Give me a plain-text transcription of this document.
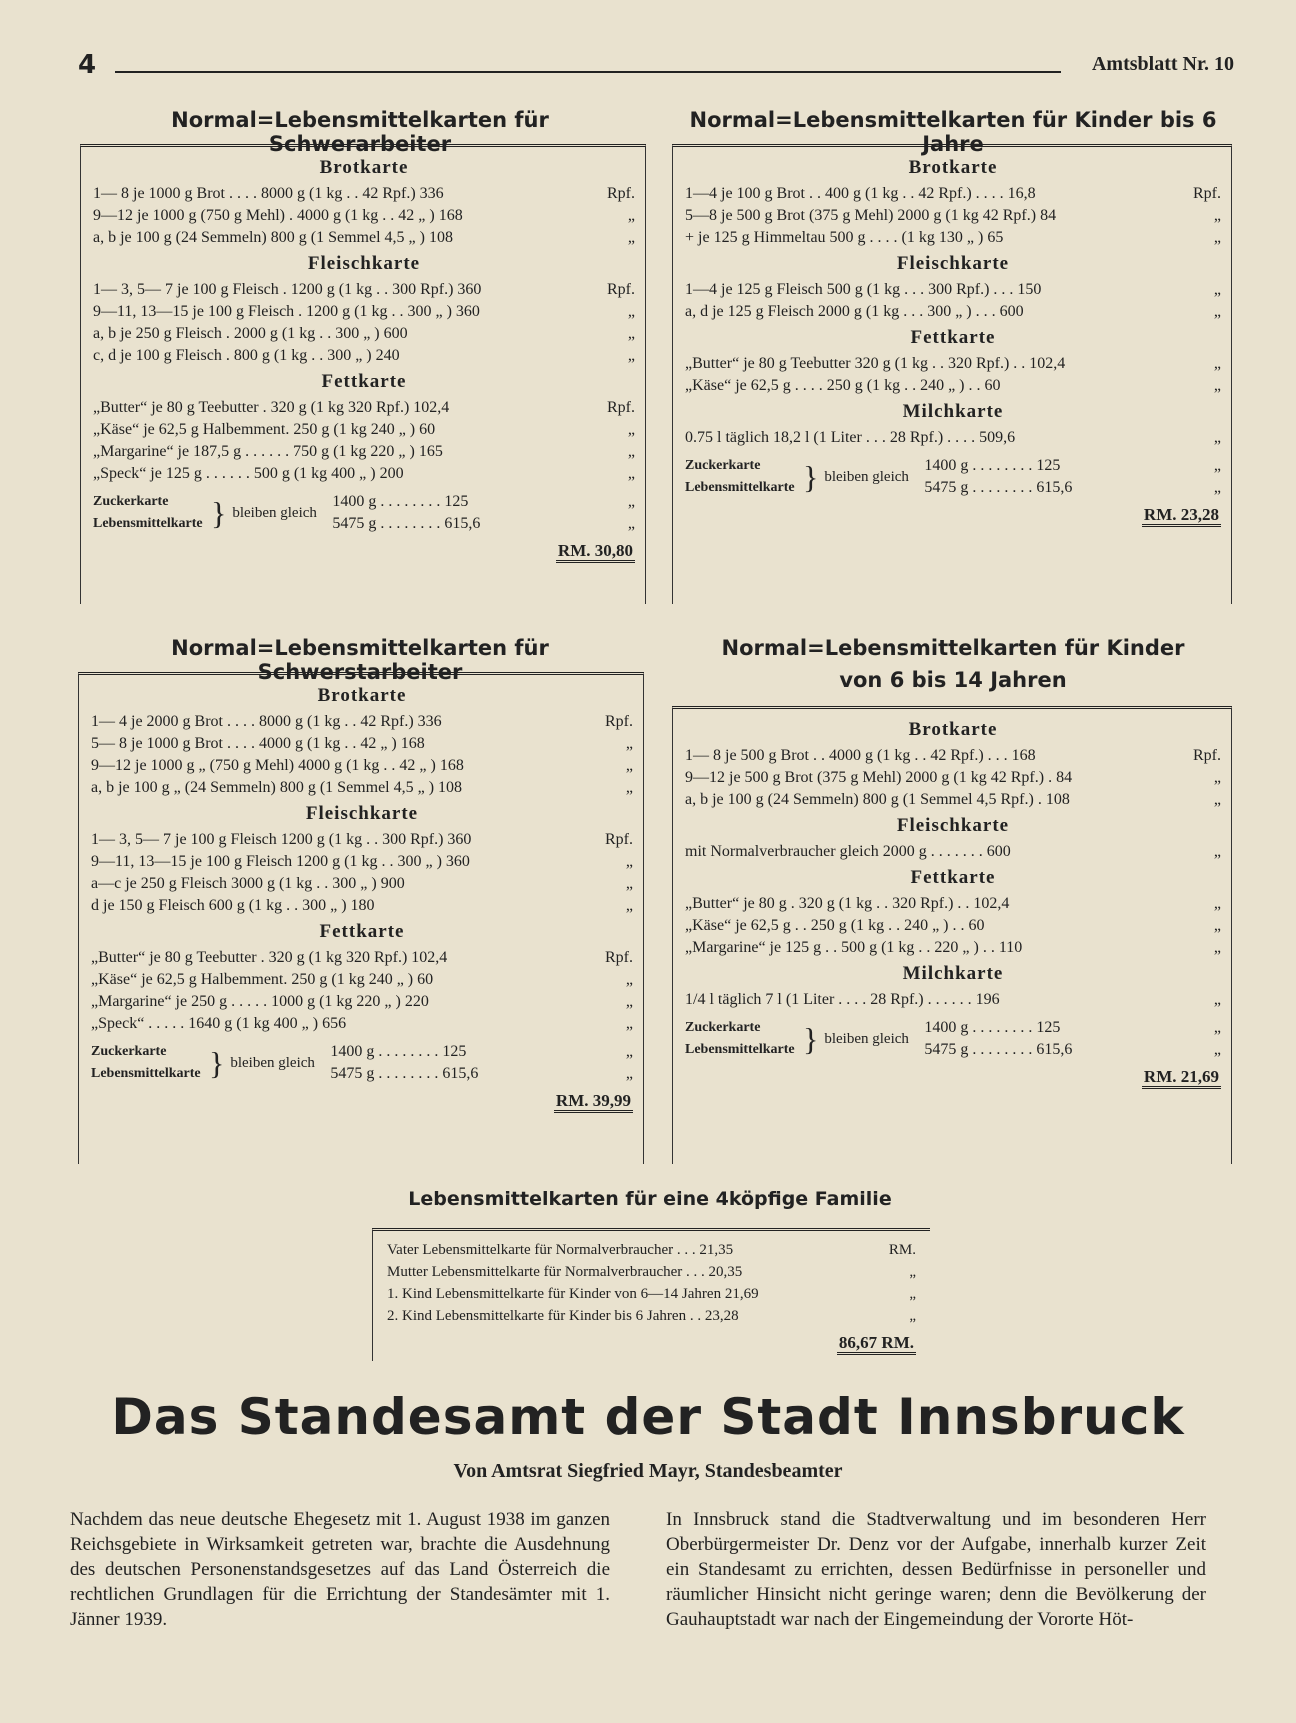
4	Amtsblatt Nr. 10
Normal=Lebensmittelkarten für Schwerarbeiter
Brotkarte
1— 8 je 1000 g Brot . . . . 8000 g (1 kg . . 42 Rpf.) 336	Rpf.
9—12 je 1000 g (750 g Mehl) . 4000 g (1 kg . . 42 „ ) 168	„
a, b je 100 g (24 Semmeln) 800 g (1 Semmel 4,5 „ ) 108	„
Fleischkarte
1— 3, 5— 7 je 100 g Fleisch . 1200 g (1 kg . . 300 Rpf.) 360	Rpf.
9—11, 13—15 je 100 g Fleisch . 1200 g (1 kg . . 300 „ ) 360	„
a, b je 250 g Fleisch . 2000 g (1 kg . . 300 „ ) 600	„
c, d je 100 g Fleisch . 800 g (1 kg . . 300 „ ) 240	„
Fettkarte
„Butter“ je 80 g Teebutter . 320 g (1 kg 320 Rpf.) 102,4	Rpf.
„Käse“ je 62,5 g Halbemment. 250 g (1 kg 240 „ ) 60	„
„Margarine“ je 187,5 g . . . . . . 750 g (1 kg 220 „ ) 165	„
„Speck“ je 125 g . . . . . . 500 g (1 kg 400 „ ) 200	„
Zuckerkarte
Lebensmittelkarte } bleiben gleich
1400 g . . . . . . . . 125	„
5475 g . . . . . . . . 615,6	„
RM. 30,80
Normal=Lebensmittelkarten für Kinder bis 6 Jahre
Brotkarte
1—4 je 100 g Brot . . 400 g (1 kg . . 42 Rpf.) . . . . 16,8	Rpf.
5—8 je 500 g Brot (375 g Mehl) 2000 g (1 kg 42 Rpf.) 84	„
+ je 125 g Himmeltau 500 g . . . . (1 kg 130 „ ) 65	„
Fleischkarte
1—4 je 125 g Fleisch 500 g (1 kg . . . 300 Rpf.) . . . 150	„
a, d je 125 g Fleisch 2000 g (1 kg . . . 300 „ ) . . . 600	„
Fettkarte
„Butter“ je 80 g Teebutter 320 g (1 kg . . 320 Rpf.) . . 102,4	„
„Käse“ je 62,5 g . . . . 250 g (1 kg . . 240 „ ) . . 60	„
Milchkarte
0.75 l täglich 18,2 l (1 Liter . . . 28 Rpf.) . . . . 509,6	„
Zuckerkarte
Lebensmittelkarte } bleiben gleich
1400 g . . . . . . . . 125	„
5475 g . . . . . . . . 615,6	„
RM. 23,28
Normal=Lebensmittelkarten für Schwerstarbeiter
Brotkarte
1— 4 je 2000 g Brot . . . . 8000 g (1 kg . . 42 Rpf.) 336	Rpf.
5— 8 je 1000 g Brot . . . . 4000 g (1 kg . . 42 „ ) 168	„
9—12 je 1000 g „ (750 g Mehl) 4000 g (1 kg . . 42 „ ) 168	„
a, b je 100 g „ (24 Semmeln) 800 g (1 Semmel 4,5 „ ) 108	„
Fleischkarte
1— 3, 5— 7 je 100 g Fleisch 1200 g (1 kg . . 300 Rpf.) 360	Rpf.
9—11, 13—15 je 100 g Fleisch 1200 g (1 kg . . 300 „ ) 360	„
a—c je 250 g Fleisch 3000 g (1 kg . . 300 „ ) 900	„
d je 150 g Fleisch 600 g (1 kg . . 300 „ ) 180	„
Fettkarte
„Butter“ je 80 g Teebutter . 320 g (1 kg 320 Rpf.) 102,4	Rpf.
„Käse“ je 62,5 g Halbemment. 250 g (1 kg 240 „ ) 60	„
„Margarine“ je 250 g . . . . . 1000 g (1 kg 220 „ ) 220	„
„Speck“ . . . . . 1640 g (1 kg 400 „ ) 656	„
Zuckerkarte
Lebensmittelkarte } bleiben gleich
1400 g . . . . . . . . 125	„
5475 g . . . . . . . . 615,6	„
RM. 39,99
Normal=Lebensmittelkarten für Kinder
von 6 bis 14 Jahren
Brotkarte
1— 8 je 500 g Brot . . 4000 g (1 kg . . 42 Rpf.) . . . 168	Rpf.
9—12 je 500 g Brot (375 g Mehl) 2000 g (1 kg 42 Rpf.) . 84	„
a, b je 100 g (24 Semmeln) 800 g (1 Semmel 4,5 Rpf.) . 108	„
Fleischkarte
mit Normalverbraucher gleich 2000 g . . . . . . . 600	„
Fettkarte
„Butter“ je 80 g . 320 g (1 kg . . 320 Rpf.) . . 102,4	„
„Käse“ je 62,5 g . . 250 g (1 kg . . 240 „ ) . . 60	„
„Margarine“ je 125 g . . 500 g (1 kg . . 220 „ ) . . 110	„
Milchkarte
1/4 l täglich 7 l (1 Liter . . . . 28 Rpf.) . . . . . . 196	„
Zuckerkarte
Lebensmittelkarte } bleiben gleich
1400 g . . . . . . . . 125	„
5475 g . . . . . . . . 615,6	„
RM. 21,69
Lebensmittelkarten für eine 4köpfige Familie
Vater Lebensmittelkarte für Normalverbraucher . . . 21,35	RM.
Mutter Lebensmittelkarte für Normalverbraucher . . . 20,35	„
1. Kind Lebensmittelkarte für Kinder von 6—14 Jahren 21,69	„
2. Kind Lebensmittelkarte für Kinder bis 6 Jahren . . 23,28	„
86,67 RM.
Das Standesamt der Stadt Innsbruck
Von Amtsrat Siegfried Mayr, Standesbeamter
Nachdem das neue deutsche Ehegesetz mit 1. August 1938 im ganzen Reichsgebiete in Wirksamkeit getreten war, brachte die Ausdehnung des deutschen Personenstandsgesetzes auf das Land Österreich die rechtlichen Grundlagen für die Errichtung der Standesämter mit 1. Jänner 1939.
In Innsbruck stand die Stadtverwaltung und im besonderen Herr Oberbürgermeister Dr. Denz vor der Aufgabe, innerhalb kurzer Zeit ein Standesamt zu errichten, dessen Bedürfnisse in personeller und räumlicher Hinsicht nicht geringe waren; denn die Bevölkerung der Gauhauptstadt war nach der Eingemeindung der Vororte Höt-
